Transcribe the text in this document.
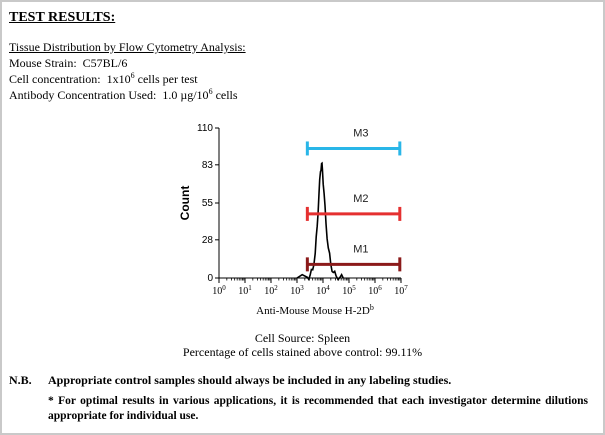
TEST RESULTS:
Tissue Distribution by Flow Cytometry Analysis:
Mouse Strain: C57BL/6
Cell concentration: $1x10^6$ cells per test
Antibody Concentration Used: 1.0 $\mu g/10^6$ cells
0
28
55
83
110
$10^0$ $10^1$ $10^2$ $10^3$ $10^4$ $10^5$ $10^6$ $10^7$
Count
Anti-Mouse Mouse $H-2D^b$
M1
M2
M3
Cell Source: Spleen
Percentage of cells stained above control: 99.11%
N.B. Appropriate control samples should always be included in any labeling studies.
* For optimal results in various applications, it is recommended that each investigator determine dilutions appropriate for individual use.
